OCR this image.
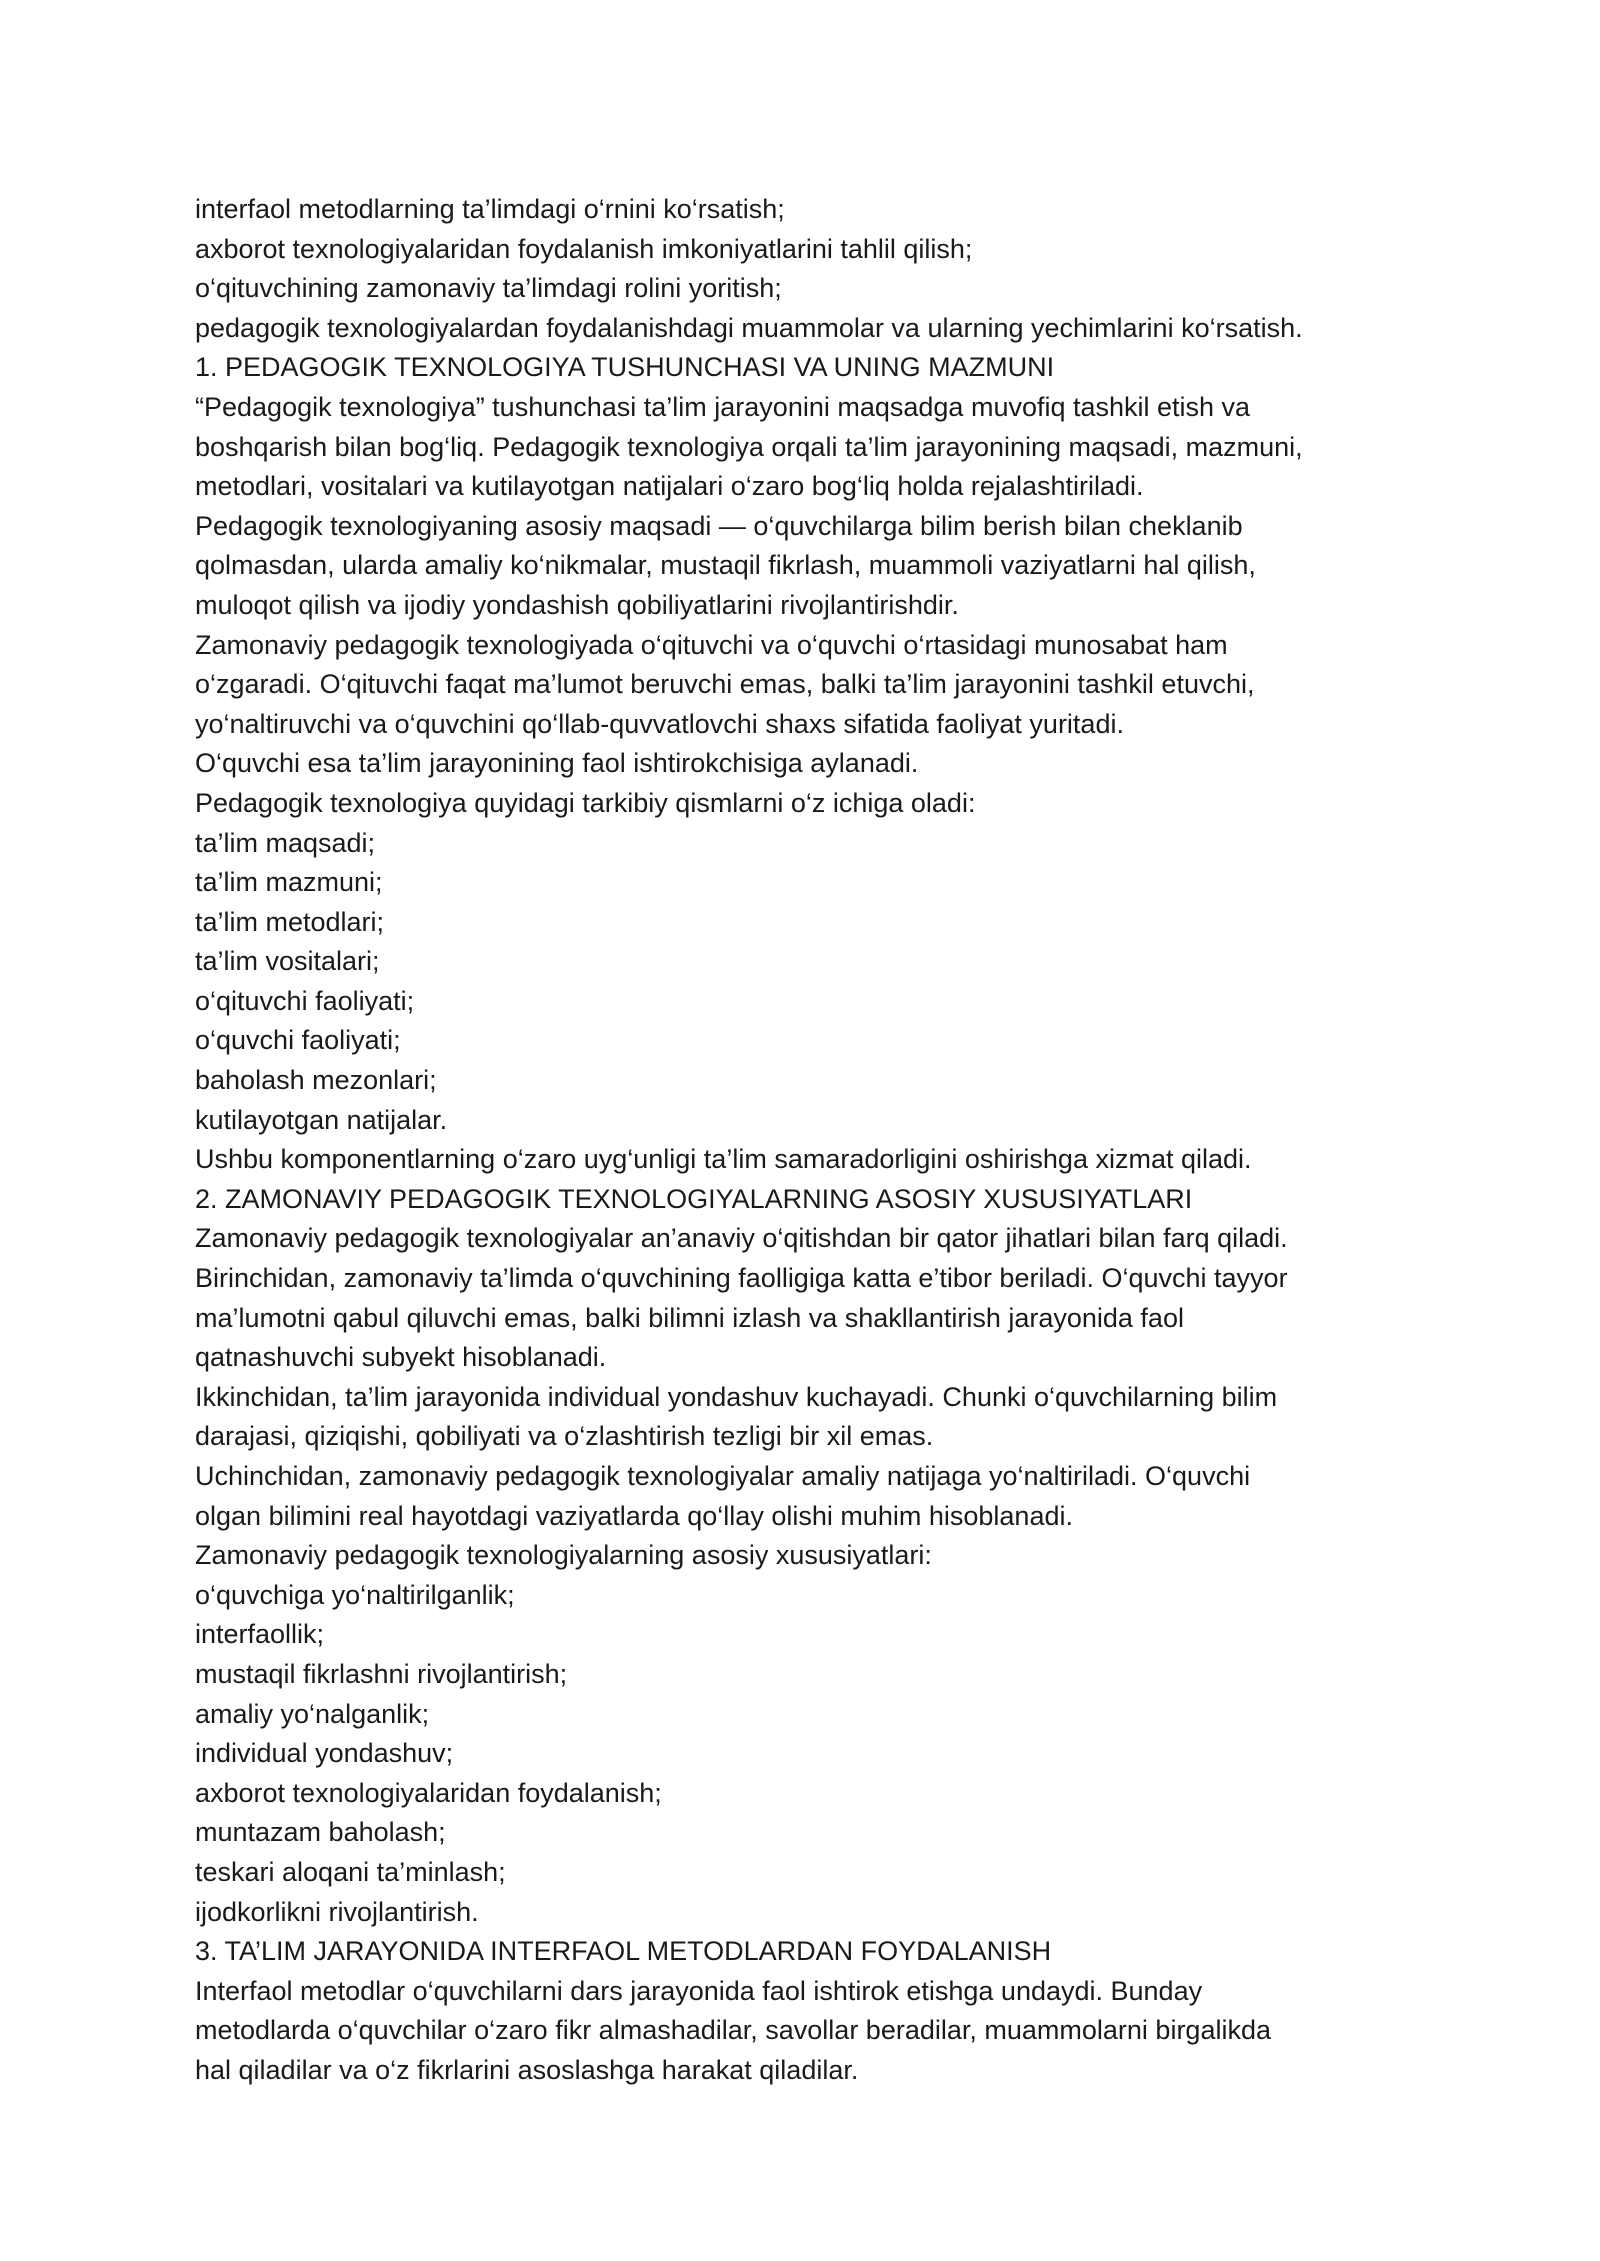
interfaol metodlarning ta’limdagi o‘rnini ko‘rsatish;
axborot texnologiyalaridan foydalanish imkoniyatlarini tahlil qilish;
o‘qituvchining zamonaviy ta’limdagi rolini yoritish;
pedagogik texnologiyalardan foydalanishdagi muammolar va ularning yechimlarini ko‘rsatish.
1. PEDAGOGIK TEXNOLOGIYA TUSHUNCHASI VA UNING MAZMUNI
“Pedagogik texnologiya” tushunchasi ta’lim jarayonini maqsadga muvofiq tashkil etish va
boshqarish bilan bog‘liq. Pedagogik texnologiya orqali ta’lim jarayonining maqsadi, mazmuni,
metodlari, vositalari va kutilayotgan natijalari o‘zaro bog‘liq holda rejalashtiriladi.
Pedagogik texnologiyaning asosiy maqsadi — o‘quvchilarga bilim berish bilan cheklanib
qolmasdan, ularda amaliy ko‘nikmalar, mustaqil fikrlash, muammoli vaziyatlarni hal qilish,
muloqot qilish va ijodiy yondashish qobiliyatlarini rivojlantirishdir.
Zamonaviy pedagogik texnologiyada o‘qituvchi va o‘quvchi o‘rtasidagi munosabat ham
o‘zgaradi. O‘qituvchi faqat ma’lumot beruvchi emas, balki ta’lim jarayonini tashkil etuvchi,
yo‘naltiruvchi va o‘quvchini qo‘llab-quvvatlovchi shaxs sifatida faoliyat yuritadi.
O‘quvchi esa ta’lim jarayonining faol ishtirokchisiga aylanadi.
Pedagogik texnologiya quyidagi tarkibiy qismlarni o‘z ichiga oladi:
ta’lim maqsadi;
ta’lim mazmuni;
ta’lim metodlari;
ta’lim vositalari;
o‘qituvchi faoliyati;
o‘quvchi faoliyati;
baholash mezonlari;
kutilayotgan natijalar.
Ushbu komponentlarning o‘zaro uyg‘unligi ta’lim samaradorligini oshirishga xizmat qiladi.
2. ZAMONAVIY PEDAGOGIK TEXNOLOGIYALARNING ASOSIY XUSUSIYATLARI
Zamonaviy pedagogik texnologiyalar an’anaviy o‘qitishdan bir qator jihatlari bilan farq qiladi.
Birinchidan, zamonaviy ta’limda o‘quvchining faolligiga katta e’tibor beriladi. O‘quvchi tayyor
ma’lumotni qabul qiluvchi emas, balki bilimni izlash va shakllantirish jarayonida faol
qatnashuvchi subyekt hisoblanadi.
Ikkinchidan, ta’lim jarayonida individual yondashuv kuchayadi. Chunki o‘quvchilarning bilim
darajasi, qiziqishi, qobiliyati va o‘zlashtirish tezligi bir xil emas.
Uchinchidan, zamonaviy pedagogik texnologiyalar amaliy natijaga yo‘naltiriladi. O‘quvchi
olgan bilimini real hayotdagi vaziyatlarda qo‘llay olishi muhim hisoblanadi.
Zamonaviy pedagogik texnologiyalarning asosiy xususiyatlari:
o‘quvchiga yo‘naltirilganlik;
interfaollik;
mustaqil fikrlashni rivojlantirish;
amaliy yo‘nalganlik;
individual yondashuv;
axborot texnologiyalaridan foydalanish;
muntazam baholash;
teskari aloqani ta’minlash;
ijodkorlikni rivojlantirish.
3. TA’LIM JARAYONIDA INTERFAOL METODLARDAN FOYDALANISH
Interfaol metodlar o‘quvchilarni dars jarayonida faol ishtirok etishga undaydi. Bunday
metodlarda o‘quvchilar o‘zaro fikr almashadilar, savollar beradilar, muammolarni birgalikda
hal qiladilar va o‘z fikrlarini asoslashga harakat qiladilar.
